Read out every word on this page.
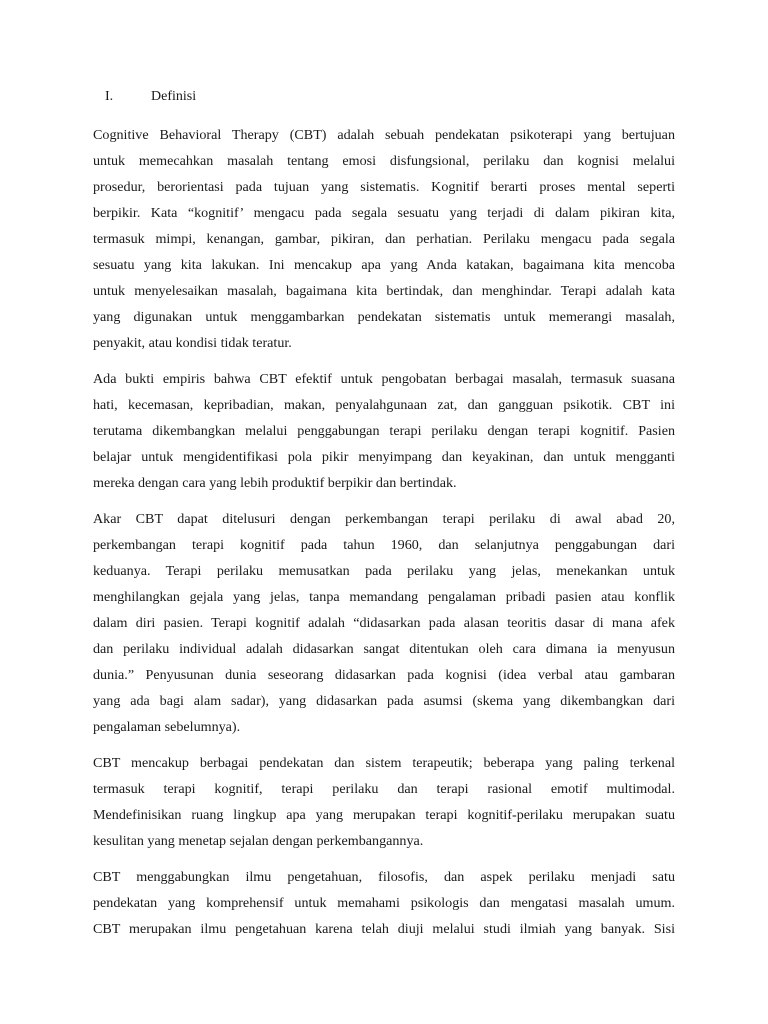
I.	Definisi
Cognitive Behavioral Therapy (CBT) adalah sebuah pendekatan psikoterapi yang bertujuan
untuk memecahkan masalah tentang emosi disfungsional, perilaku dan kognisi melalui
prosedur, berorientasi pada tujuan yang sistematis. Kognitif berarti proses mental seperti
berpikir. Kata “kognitif’ mengacu pada segala sesuatu yang terjadi di dalam pikiran kita,
termasuk mimpi, kenangan, gambar, pikiran, dan perhatian. Perilaku mengacu pada segala
sesuatu yang kita lakukan. Ini mencakup apa yang Anda katakan, bagaimana kita mencoba
untuk menyelesaikan masalah, bagaimana kita bertindak, dan menghindar. Terapi adalah kata
yang digunakan untuk menggambarkan pendekatan sistematis untuk memerangi masalah,
penyakit, atau kondisi tidak teratur.
Ada bukti empiris bahwa CBT efektif untuk pengobatan berbagai masalah, termasuk suasana
hati, kecemasan, kepribadian, makan, penyalahgunaan zat, dan gangguan psikotik. CBT ini
terutama dikembangkan melalui penggabungan terapi perilaku dengan terapi kognitif. Pasien
belajar untuk mengidentifikasi pola pikir menyimpang dan keyakinan, dan untuk mengganti
mereka dengan cara yang lebih produktif berpikir dan bertindak.
Akar CBT dapat ditelusuri dengan perkembangan terapi perilaku di awal abad 20,
perkembangan terapi kognitif pada tahun 1960, dan selanjutnya penggabungan dari
keduanya. Terapi perilaku memusatkan pada perilaku yang jelas, menekankan untuk
menghilangkan gejala yang jelas, tanpa memandang pengalaman pribadi pasien atau konflik
dalam diri pasien. Terapi kognitif adalah “didasarkan pada alasan teoritis dasar di mana afek
dan perilaku individual adalah didasarkan sangat ditentukan oleh cara dimana ia menyusun
dunia.” Penyusunan dunia seseorang didasarkan pada kognisi (idea verbal atau gambaran
yang ada bagi alam sadar), yang didasarkan pada asumsi (skema yang dikembangkan dari
pengalaman sebelumnya).
CBT mencakup berbagai pendekatan dan sistem terapeutik; beberapa yang paling terkenal
termasuk terapi kognitif, terapi perilaku dan terapi rasional emotif multimodal.
Mendefinisikan ruang lingkup apa yang merupakan terapi kognitif-perilaku merupakan suatu
kesulitan yang menetap sejalan dengan perkembangannya.
CBT menggabungkan ilmu pengetahuan, filosofis, dan aspek perilaku menjadi satu
pendekatan yang komprehensif untuk memahami psikologis dan mengatasi masalah umum.
CBT merupakan ilmu pengetahuan karena telah diuji melalui studi ilmiah yang banyak. Sisi
